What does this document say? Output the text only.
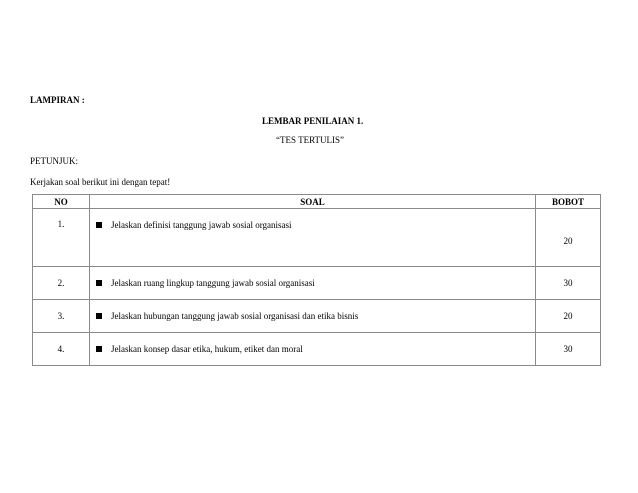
LAMPIRAN :
LEMBAR PENILAIAN 1.
“TES TERTULIS”
PETUNJUK:
Kerjakan soal berikut ini dengan tepat!
NO	SOAL	BOBOT
1.	Jelaskan definisi tanggung jawab sosial organisasi	20
2.	Jelaskan ruang lingkup tanggung jawab sosial organisasi	30
3.	Jelaskan hubungan tanggung jawab sosial organisasi dan etika bisnis	20
4.	Jelaskan konsep dasar etika, hukum, etiket dan moral	30
